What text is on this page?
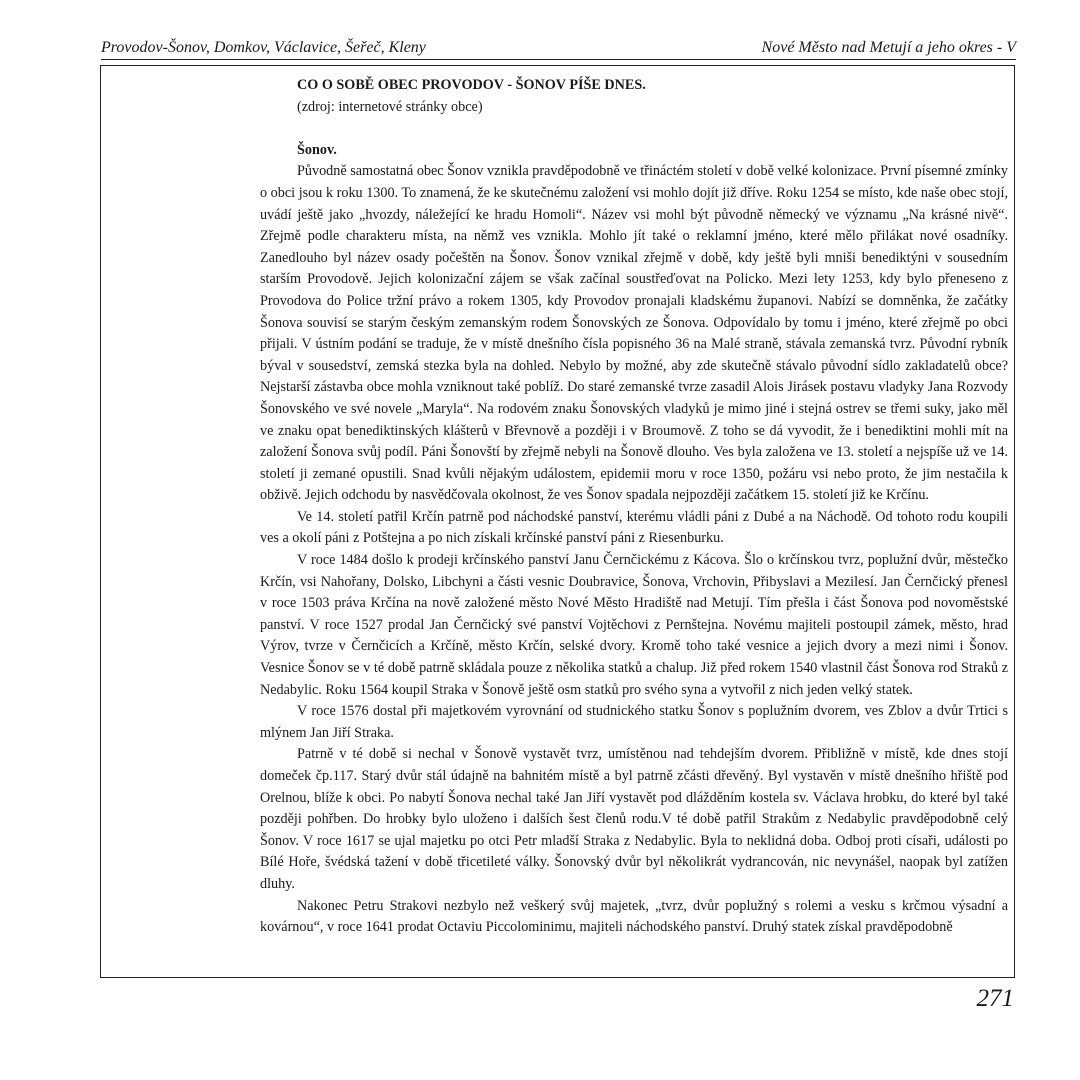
Provodov-Šonov, Domkov, Václavice, Šeřeč, Kleny	Nové Město nad Metují a jeho okres - V

CO O SOBĚ OBEC PROVODOV - ŠONOV PÍŠE DNES.

(zdroj: internetové stránky obce)

Šonov.

Původně samostatná obec Šonov vznikla pravděpodobně ve třináctém století v době velké kolonizace. První písemné zmínky o obci jsou k roku 1300. To znamená, že ke skutečnému založení vsi mohlo dojít již dříve. Roku 1254 se místo, kde naše obec stojí, uvádí ještě jako „hvozdy, náležející ke hradu Homoli“. Název vsi mohl být původně německý ve významu „Na krásné nivě“. Zřejmě podle charakteru místa, na němž ves vznikla. Mohlo jít také o reklamní jméno, které mělo přilákat nové osadníky. Zanedlouho byl název osady počeštěn na Šonov. Šonov vznikal zřejmě v době, kdy ještě byli mniši benediktýni v sousedním starším Provodově. Jejich kolonizační zájem se však začínal soustřeďovat na Policko. Mezi lety 1253, kdy bylo přeneseno z Provodova do Police tržní právo a rokem 1305, kdy Provodov pronajali kladskému županovi. Nabízí se domněnka, že začátky Šonova souvisí se starým českým zemanským rodem Šonovských ze Šonova. Odpovídalo by tomu i jméno, které zřejmě po obci přijali. V ústním podání se traduje, že v místě dnešního čísla popisného 36 na Malé straně, stávala zemanská tvrz. Původní rybník býval v sousedství, zemská stezka byla na dohled. Nebylo by možné, aby zde skutečně stávalo původní sídlo zakladatelů obce? Nejstarší zástavba obce mohla vzniknout také poblíž. Do staré zemanské tvrze zasadil Alois Jirásek postavu vladyky Jana Rozvody Šonovského ve své novele „Maryla“. Na rodovém znaku Šonovských vladyků je mimo jiné i stejná ostrev se třemi suky, jako měl ve znaku opat benediktinských klášterů v Břevnově a později i v Broumově. Z toho se dá vyvodit, že i benediktini mohli mít na založení Šonova svůj podíl. Páni Šonovští by zřejmě nebyli na Šonově dlouho. Ves byla založena ve 13. století a nejspíše už ve 14. století ji zemané opustili. Snad kvůli nějakým událostem, epidemii moru v roce 1350, požáru vsi nebo proto, že jim nestačila k obživě. Jejich odchodu by nasvědčovala okolnost, že ves Šonov spadala nejpozději začátkem 15. století již ke Krčínu.

Ve 14. století patřil Krčín patrně pod náchodské panství, kterému vládli páni z Dubé a na Náchodě. Od tohoto rodu koupili ves a okolí páni z Potštejna a po nich získali krčínské panství páni z Riesenburku.

V roce 1484 došlo k prodeji krčínského panství Janu Černčickému z Kácova. Šlo o krčínskou tvrz, poplužní dvůr, městečko Krčín, vsi Nahořany, Dolsko, Libchyni a části vesnic Doubravice, Šonova, Vrchovin, Přibyslavi a Mezilesí. Jan Černčický přenesl v roce 1503 práva Krčína na nově založené město Nové Město Hradiště nad Metují. Tím přešla i část Šonova pod novoměstské panství. V roce 1527 prodal Jan Černčický své panství Vojtěchovi z Pernštejna. Novému majiteli postoupil zámek, město, hrad Výrov, tvrze v Černčicích a Krčíně, město Krčín, selské dvory. Kromě toho také vesnice a jejich dvory a mezi nimi i Šonov. Vesnice Šonov se v té době patrně skládala pouze z několika statků a chalup. Již před rokem 1540 vlastnil část Šonova rod Straků z Nedabylic. Roku 1564 koupil Straka v Šonově ještě osm statků pro svého syna a vytvořil z nich jeden velký statek.

V roce 1576 dostal při majetkovém vyrovnání od studnického statku Šonov s poplužním dvorem, ves Zblov a dvůr Trtici s mlýnem Jan Jiří Straka.

Patrně v té době si nechal v Šonově vystavět tvrz, umístěnou nad tehdejším dvorem. Přibližně v místě, kde dnes stojí domeček čp.117. Starý dvůr stál údajně na bahnitém místě a byl patrně zčásti dřevěný. Byl vystavěn v místě dnešního hřiště pod Orelnou, blíže k obci. Po nabytí Šonova nechal také Jan Jiří vystavět pod dlážděním kostela sv. Václava hrobku, do které byl také později pohřben. Do hrobky bylo uloženo i dalších šest členů rodu.V té době patřil Strakům z Nedabylic pravděpodobně celý Šonov. V roce 1617 se ujal majetku po otci Petr mladší Straka z Nedabylic. Byla to neklidná doba. Odboj proti císaři, události po Bílé Hoře, švédská tažení v době třicetileté války. Šonovský dvůr byl několikrát vydrancován, nic nevynášel, naopak byl zatížen dluhy.

Nakonec Petru Strakovi nezbylo než veškerý svůj majetek, „tvrz, dvůr poplužný s rolemi a vesku s krčmou výsadní a kovárnou“, v roce 1641 prodat Octaviu Piccolominimu, majiteli náchodského panství. Druhý statek získal pravděpodobně

271
